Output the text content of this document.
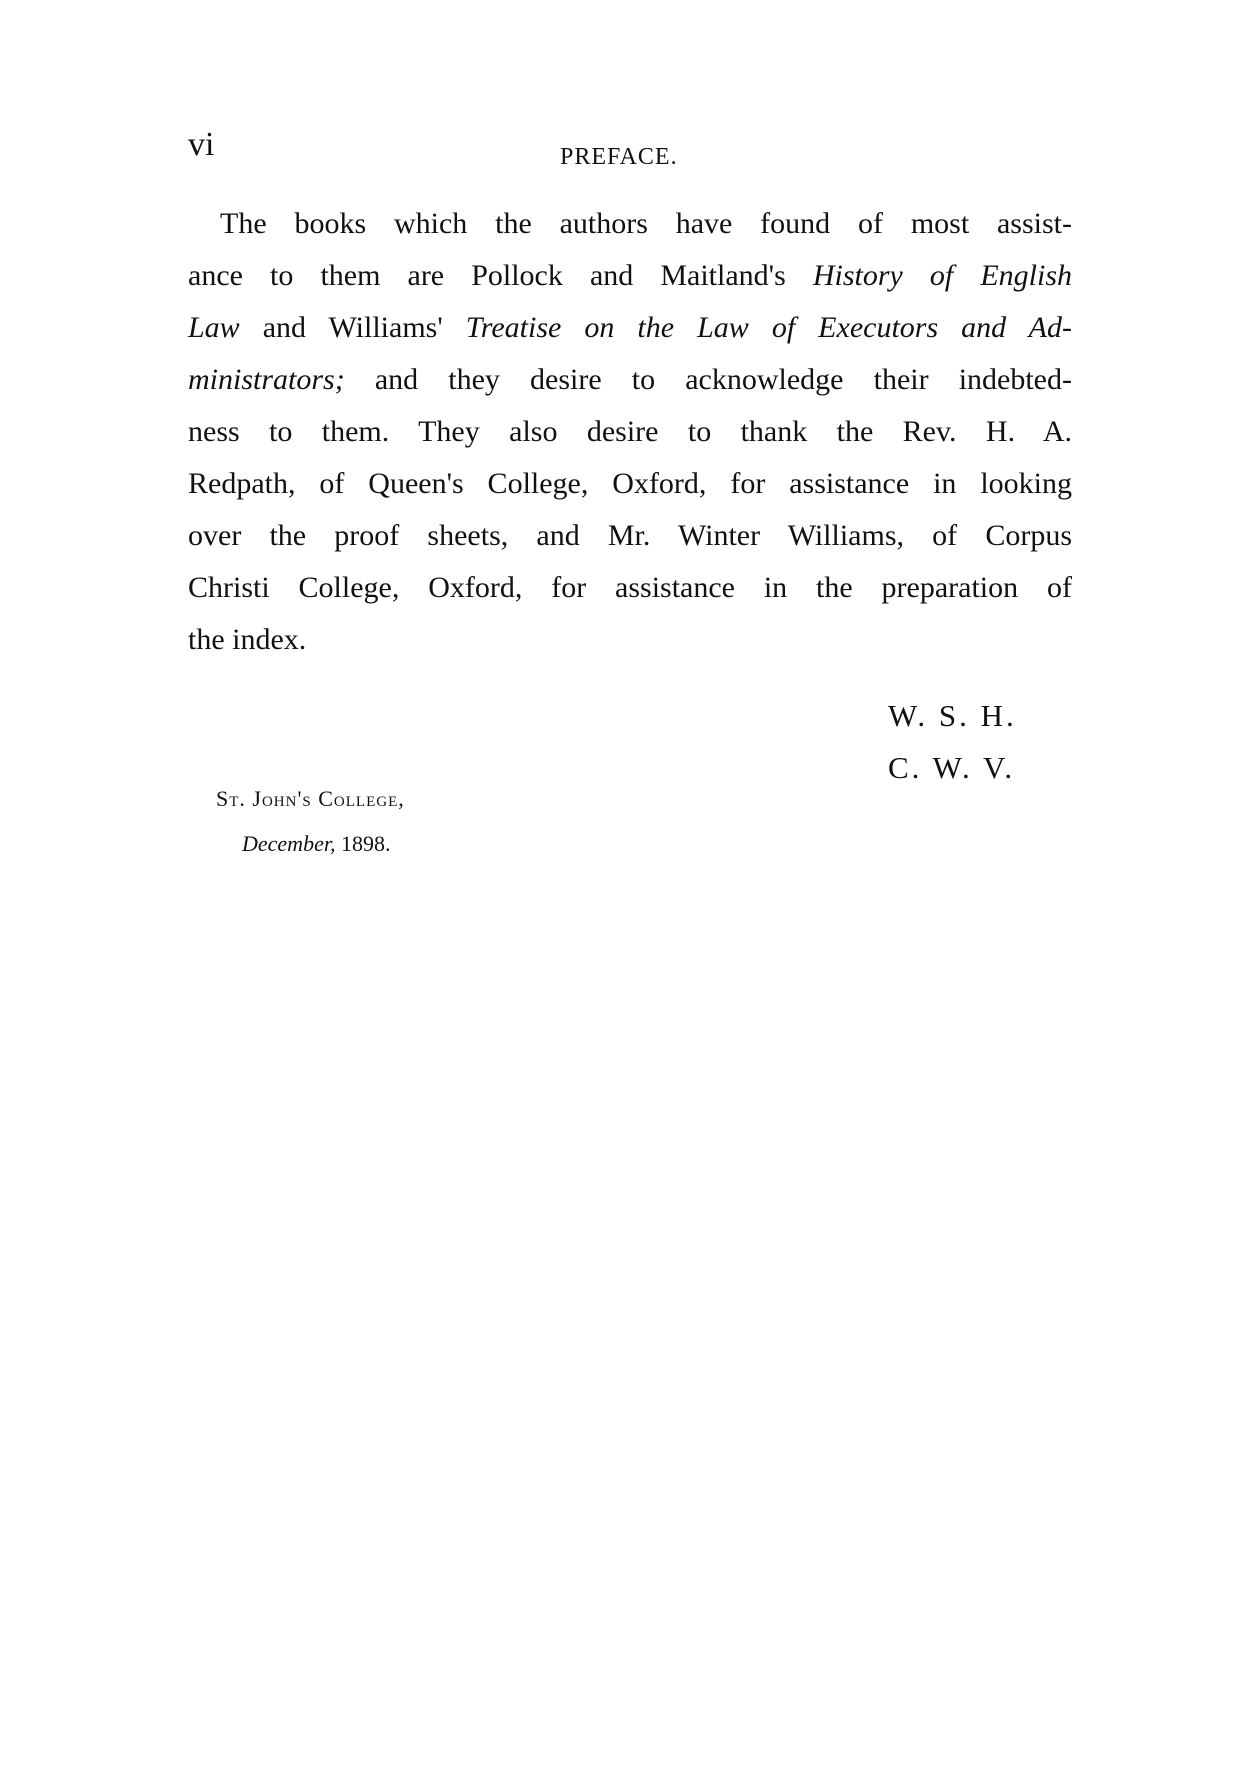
vi	PREFACE.
The books which the authors have found of most assist-
ance to them are Pollock and Maitland's History of English
Law and Williams' Treatise on the Law of Executors and Ad-
ministrators; and they desire to acknowledge their indebted-
ness to them. They also desire to thank the Rev. H. A.
Redpath, of Queen's College, Oxford, for assistance in looking
over the proof sheets, and Mr. Winter Williams, of Corpus
Christi College, Oxford, for assistance in the preparation of
the index.
W. S. H.
C. W. V.
St. John's College,
December, 1898.
